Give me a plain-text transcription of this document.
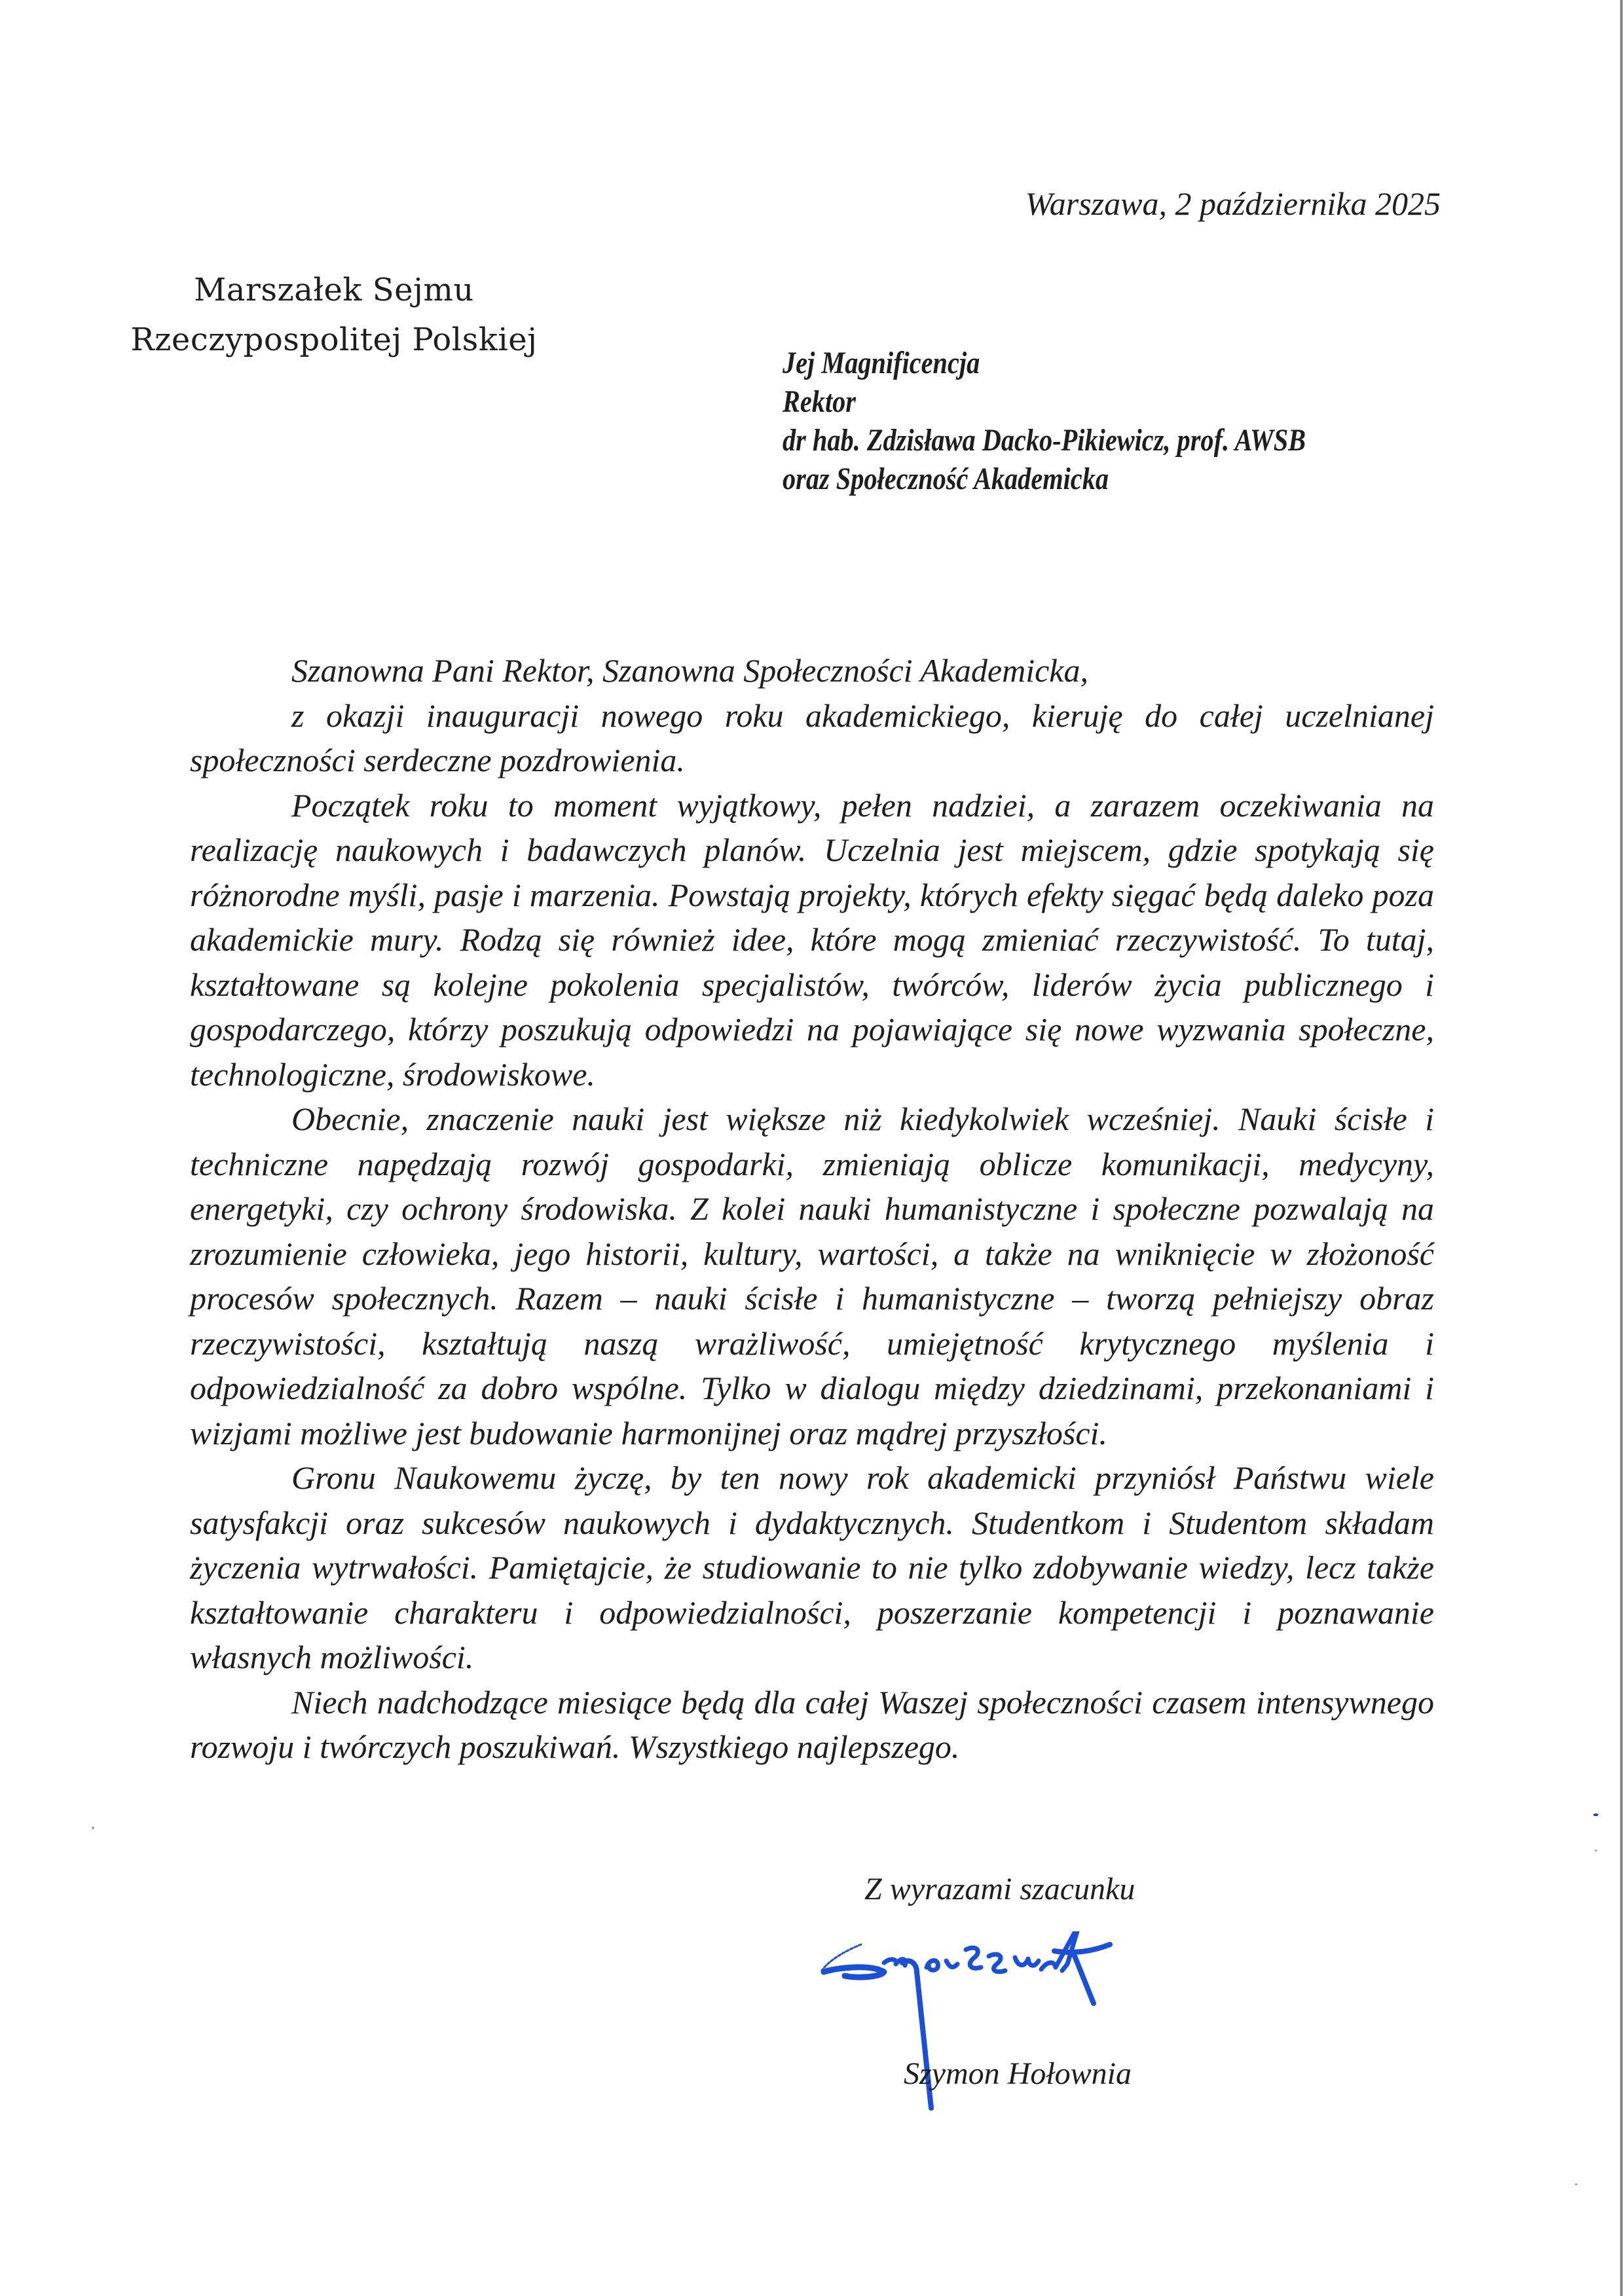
Warszawa, 2 października 2025
Marszałek Sejmu
Rzeczypospolitej Polskiej
Jej Magnificencja
Rektor
dr hab. Zdzisława Dacko-Pikiewicz, prof. AWSB
oraz Społeczność Akademicka

Szanowna Pani Rektor, Szanowna Społeczności Akademicka,

z okazji inauguracji nowego roku akademickiego, kieruję do całej uczelnianej społeczności serdeczne pozdrowienia.

Początek roku to moment wyjątkowy, pełen nadziei, a zarazem oczekiwania na realizację naukowych i badawczych planów. Uczelnia jest miejscem, gdzie spotykają się różnorodne myśli, pasje i marzenia. Powstają projekty, których efekty sięgać będą daleko poza akademickie mury. Rodzą się również idee, które mogą zmieniać rzeczywistość. To tutaj, kształtowane są kolejne pokolenia specjalistów, twórców, liderów życia publicznego i gospodarczego, którzy poszukują odpowiedzi na pojawiające się nowe wyzwania społeczne, technologiczne, środowiskowe.

Obecnie, znaczenie nauki jest większe niż kiedykolwiek wcześniej. Nauki ścisłe i techniczne napędzają rozwój gospodarki, zmieniają oblicze komunikacji, medycyny, energetyki, czy ochrony środowiska. Z kolei nauki humanistyczne i społeczne pozwalają na zrozumienie człowieka, jego historii, kultury, wartości, a także na wniknięcie w złożoność procesów społecznych. Razem – nauki ścisłe i humanistyczne – tworzą pełniejszy obraz rzeczywistości, kształtują naszą wrażliwość, umiejętność krytycznego myślenia i odpowiedzialność za dobro wspólne. Tylko w dialogu między dziedzinami, przekonaniami i wizjami możliwe jest budowanie harmonijnej oraz mądrej przyszłości.

Gronu Naukowemu życzę, by ten nowy rok akademicki przyniósł Państwu wiele satysfakcji oraz sukcesów naukowych i dydaktycznych. Studentkom i Studentom składam życzenia wytrwałości. Pamiętajcie, że studiowanie to nie tylko zdobywanie wiedzy, lecz także kształtowanie charakteru i odpowiedzialności, poszerzanie kompetencji i poznawanie własnych możliwości.

Niech nadchodzące miesiące będą dla całej Waszej społeczności czasem intensywnego rozwoju i twórczych poszukiwań. Wszystkiego najlepszego.

Z wyrazami szacunku
Szymon Hołownia
